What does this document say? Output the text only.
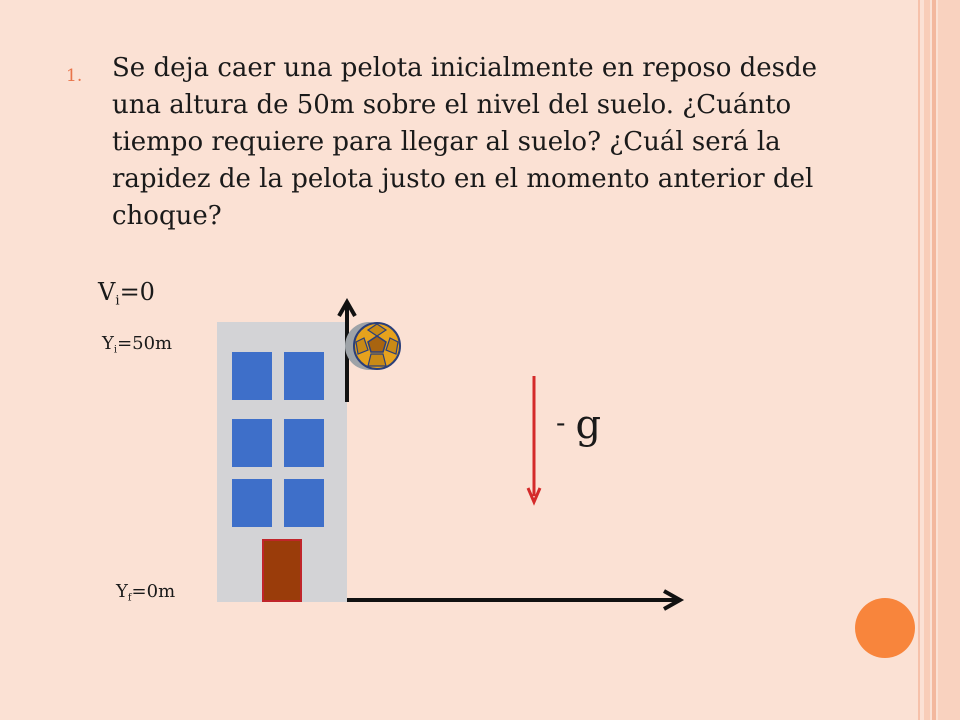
1.	Se deja caer una pelota inicialmente en reposo desde una altura de 50m sobre el nivel del suelo. ¿Cuánto tiempo requiere para llegar al suelo? ¿Cuál será la rapidez de la pelota justo en el momento anterior del choque?
$V_i=0$
$Y_i=50m$
$Y_f=0m$
- g
